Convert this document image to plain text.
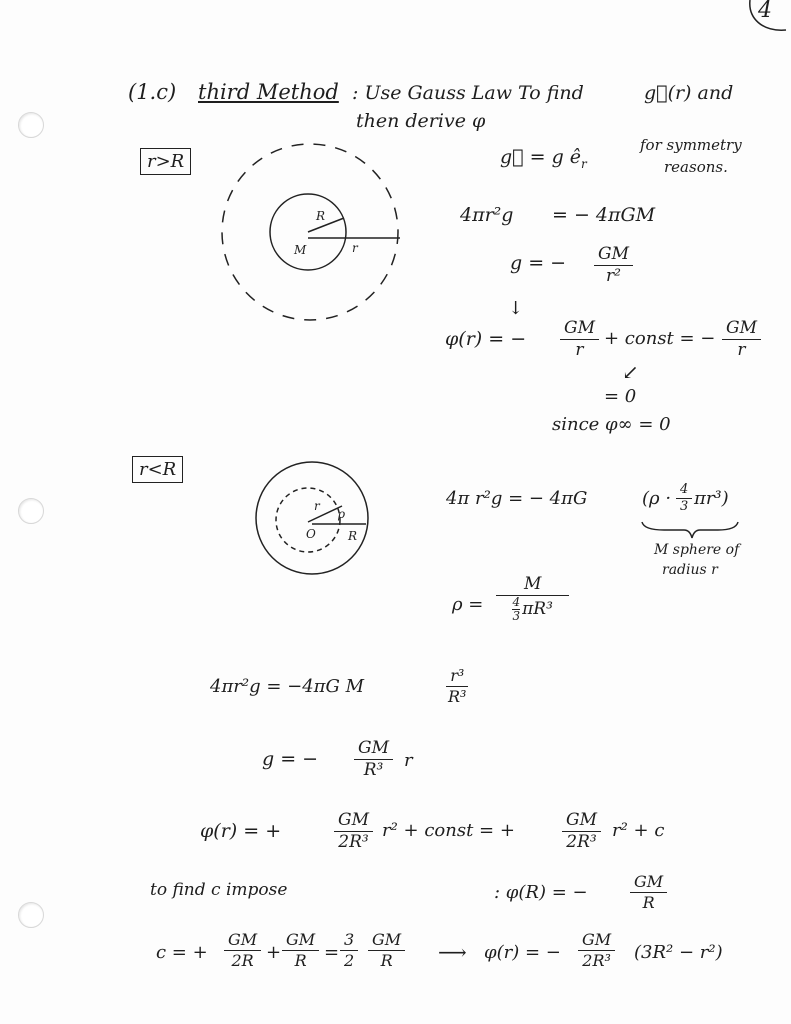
4
(1.c) third Method : Use Gauss Law To find	g⃗(r) and
then derive φ
r>R
R
M	r
g⃗ = g $ê_r$
for symmetry
reasons.
4πr²g = − 4πGM
g = − $\frac{GM}{\text{r²}}$
↓
φ(r) = − $\frac{GM}{r}$ + const = − $\frac{GM}{r}$
↙
= 0
since φ∞ = 0
r<R
r
ρ
O	R
4π r²g = − 4πG	$(\rho \cdot \frac{4}{3} \pi r^3)$
M sphere of
radius r
ρ = M
4
3 πR³
4πr²g = −4πG M	$\frac{\text{r³}}{\text{R³}}$
g = − $\frac{GM}{\text{R³}}$ r
φ(r) = +	$\frac{GM}{\text{2R³}} r^2$ + const = +	$\frac{GM}{\text{2R³}} r^2 + c$
to find c impose	: φ(R) = −	$\frac{GM}{R}$
c = + $\frac{GM}{2R} + \frac{GM}{R} = \frac{3}{2} \frac{GM}{R}$ ⟶ φ(r) = − $\frac{GM}{\text{2R³}} (3R^2 - r^2)$
